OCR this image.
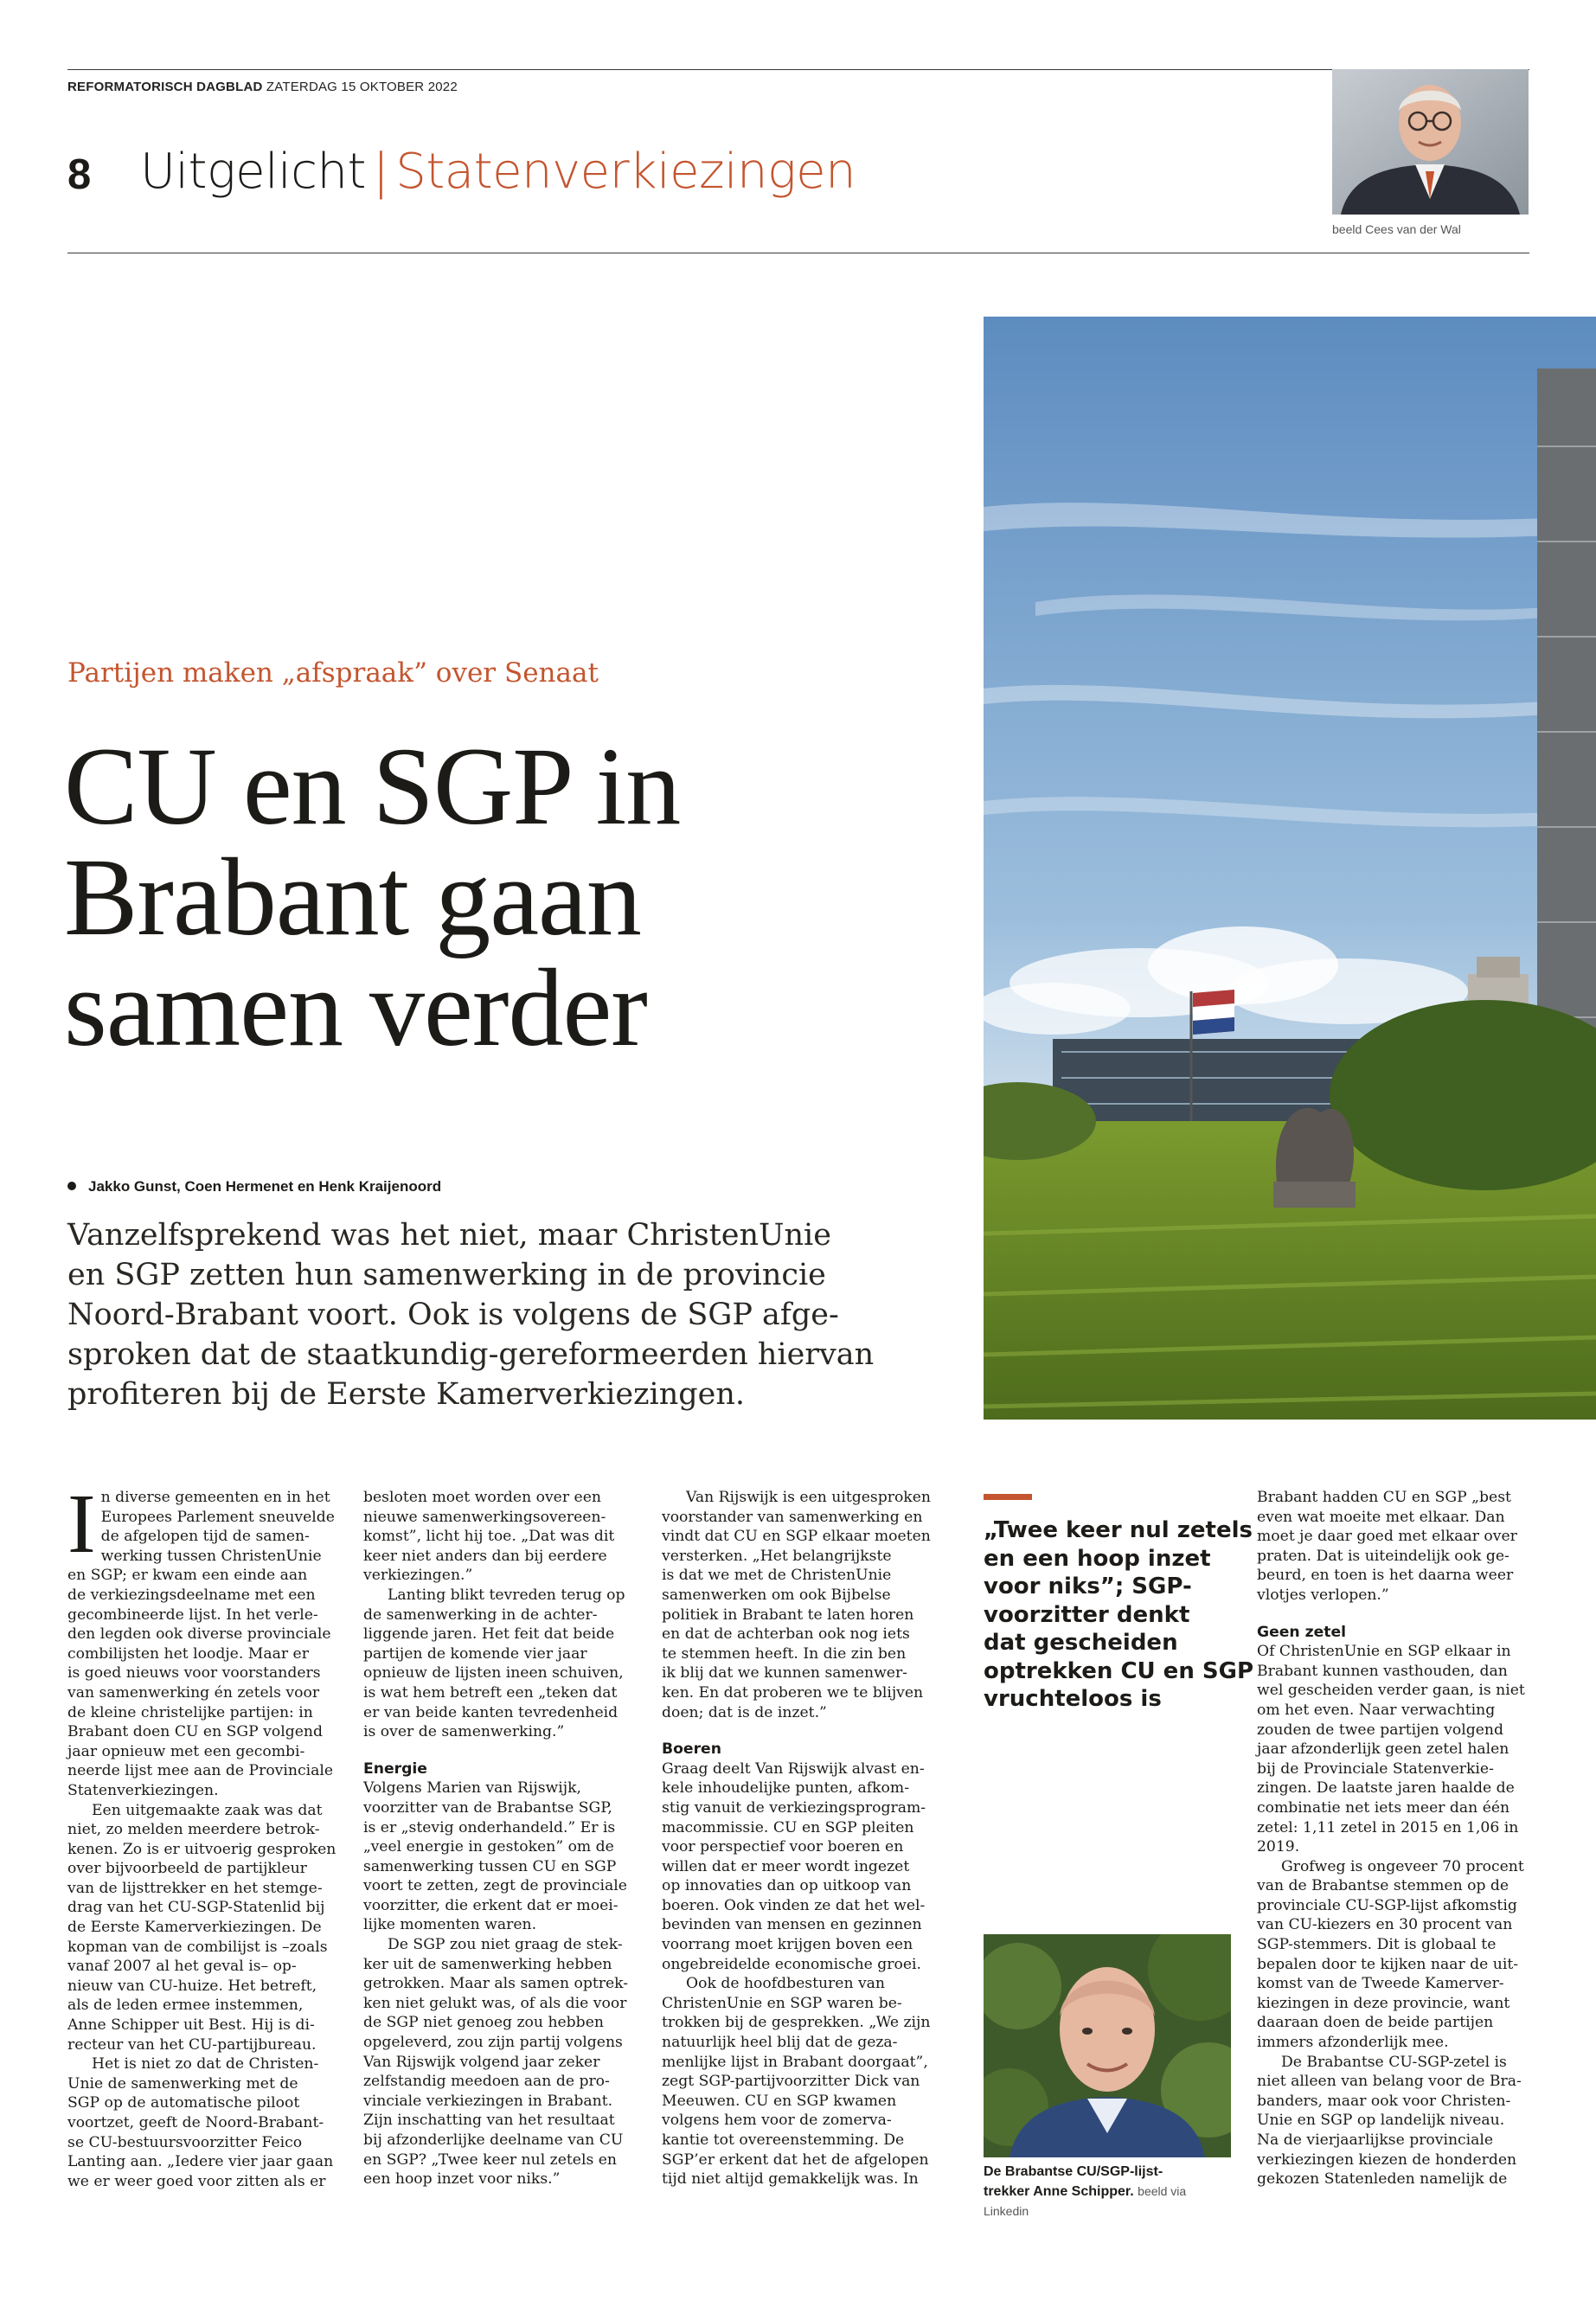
REFORMATORISCH DAGBLAD ZATERDAG 15 OKTOBER 2022
8 Uitgelicht | Statenverkiezingen
beeld Cees van der Wal
Partijen maken „afspraak” over Senaat
CU en SGP in
Brabant gaan
samen verder
Jakko Gunst, Coen Hermenet en Henk Kraijenoord
Vanzelfsprekend was het niet, maar ChristenUnie
en SGP zetten hun samenwerking in de provincie
Noord-Brabant voort. Ook is volgens de SGP afge-
sproken dat de staatkundig-gereformeerden hiervan
profiteren bij de Eerste Kamerverkiezingen.
I n diverse gemeenten en in het
Europees Parlement sneuvelde
de afgelopen tijd de samen-
werking tussen ChristenUnie
en SGP; er kwam een einde aan
de verkiezingsdeelname met een
gecombineerde lijst. In het verle-
den legden ook diverse provinciale
combilijsten het loodje. Maar er
is goed nieuws voor voorstanders
van samenwerking én zetels voor
de kleine christelijke partijen: in
Brabant doen CU en SGP volgend
jaar opnieuw met een gecombi-
neerde lijst mee aan de Provinciale
Statenverkiezingen.
Een uitgemaakte zaak was dat
niet, zo melden meerdere betrok-
kenen. Zo is er uitvoerig gesproken
over bijvoorbeeld de partijkleur
van de lijsttrekker en het stemge-
drag van het CU-SGP-Statenlid bij
de Eerste Kamerverkiezingen. De
kopman van de combilijst is –zoals
vanaf 2007 al het geval is– op-
nieuw van CU-huize. Het betreft,
als de leden ermee instemmen,
Anne Schipper uit Best. Hij is di-
recteur van het CU-partijbureau.
Het is niet zo dat de Christen-
Unie de samenwerking met de
SGP op de automatische piloot
voortzet, geeft de Noord-Brabant-
se CU-bestuursvoorzitter Feico
Lanting aan. „Iedere vier jaar gaan
we er weer goed voor zitten als er
besloten moet worden over een
nieuwe samenwerkingsovereen-
komst”, licht hij toe. „Dat was dit
keer niet anders dan bij eerdere
verkiezingen.”
Lanting blikt tevreden terug op
de samenwerking in de achter-
liggende jaren. Het feit dat beide
partijen de komende vier jaar
opnieuw de lijsten ineen schuiven,
is wat hem betreft een „teken dat
er van beide kanten tevredenheid
is over de samenwerking.”
Energie
Volgens Marien van Rijswijk,
voorzitter van de Brabantse SGP,
is er „stevig onderhandeld.” Er is
„veel energie in gestoken” om de
samenwerking tussen CU en SGP
voort te zetten, zegt de provinciale
voorzitter, die erkent dat er moei-
lijke momenten waren.
De SGP zou niet graag de stek-
ker uit de samenwerking hebben
getrokken. Maar als samen optrek-
ken niet gelukt was, of als die voor
de SGP niet genoeg zou hebben
opgeleverd, zou zijn partij volgens
Van Rijswijk volgend jaar zeker
zelfstandig meedoen aan de pro-
vinciale verkiezingen in Brabant.
Zijn inschatting van het resultaat
bij afzonderlijke deelname van CU
en SGP? „Twee keer nul zetels en
een hoop inzet voor niks.”
Van Rijswijk is een uitgesproken
voorstander van samenwerking en
vindt dat CU en SGP elkaar moeten
versterken. „Het belangrijkste
is dat we met de ChristenUnie
samenwerken om ook Bijbelse
politiek in Brabant te laten horen
en dat de achterban ook nog iets
te stemmen heeft. In die zin ben
ik blij dat we kunnen samenwer-
ken. En dat proberen we te blijven
doen; dat is de inzet.”
Boeren
Graag deelt Van Rijswijk alvast en-
kele inhoudelijke punten, afkom-
stig vanuit de verkiezingsprogram-
macommissie. CU en SGP pleiten
voor perspectief voor boeren en
willen dat er meer wordt ingezet
op innovaties dan op uitkoop van
boeren. Ook vinden ze dat het wel-
bevinden van mensen en gezinnen
voorrang moet krijgen boven een
ongebreidelde economische groei.
Ook de hoofdbesturen van
ChristenUnie en SGP waren be-
trokken bij de gesprekken. „We zijn
natuurlijk heel blij dat de geza-
menlijke lijst in Brabant doorgaat”,
zegt SGP-partijvoorzitter Dick van
Meeuwen. CU en SGP kwamen
volgens hem voor de zomerva-
kantie tot overeenstemming. De
SGP’er erkent dat het de afgelopen
tijd niet altijd gemakkelijk was. In
„Twee keer nul zetels
en een hoop inzet
voor niks”; SGP-
voorzitter denkt
dat gescheiden
optrekken CU en SGP
vruchteloos is
De Brabantse CU/SGP-lijst-
trekker Anne Schipper. beeld via
Linkedin
Brabant hadden CU en SGP „best
even wat moeite met elkaar. Dan
moet je daar goed met elkaar over
praten. Dat is uiteindelijk ook ge-
beurd, en toen is het daarna weer
vlotjes verlopen.”
Geen zetel
Of ChristenUnie en SGP elkaar in
Brabant kunnen vasthouden, dan
wel gescheiden verder gaan, is niet
om het even. Naar verwachting
zouden de twee partijen volgend
jaar afzonderlijk geen zetel halen
bij de Provinciale Statenverkie-
zingen. De laatste jaren haalde de
combinatie net iets meer dan één
zetel: 1,11 zetel in 2015 en 1,06 in
2019.
Grofweg is ongeveer 70 procent
van de Brabantse stemmen op de
provinciale CU-SGP-lijst afkomstig
van CU-kiezers en 30 procent van
SGP-stemmers. Dit is globaal te
bepalen door te kijken naar de uit-
komst van de Tweede Kamerver-
kiezingen in deze provincie, want
daaraan doen de beide partijen
immers afzonderlijk mee.
De Brabantse CU-SGP-zetel is
niet alleen van belang voor de Bra-
banders, maar ook voor Christen-
Unie en SGP op landelijk niveau.
Na de vierjaarlijkse provinciale
verkiezingen kiezen de honderden
gekozen Statenleden namelijk de
